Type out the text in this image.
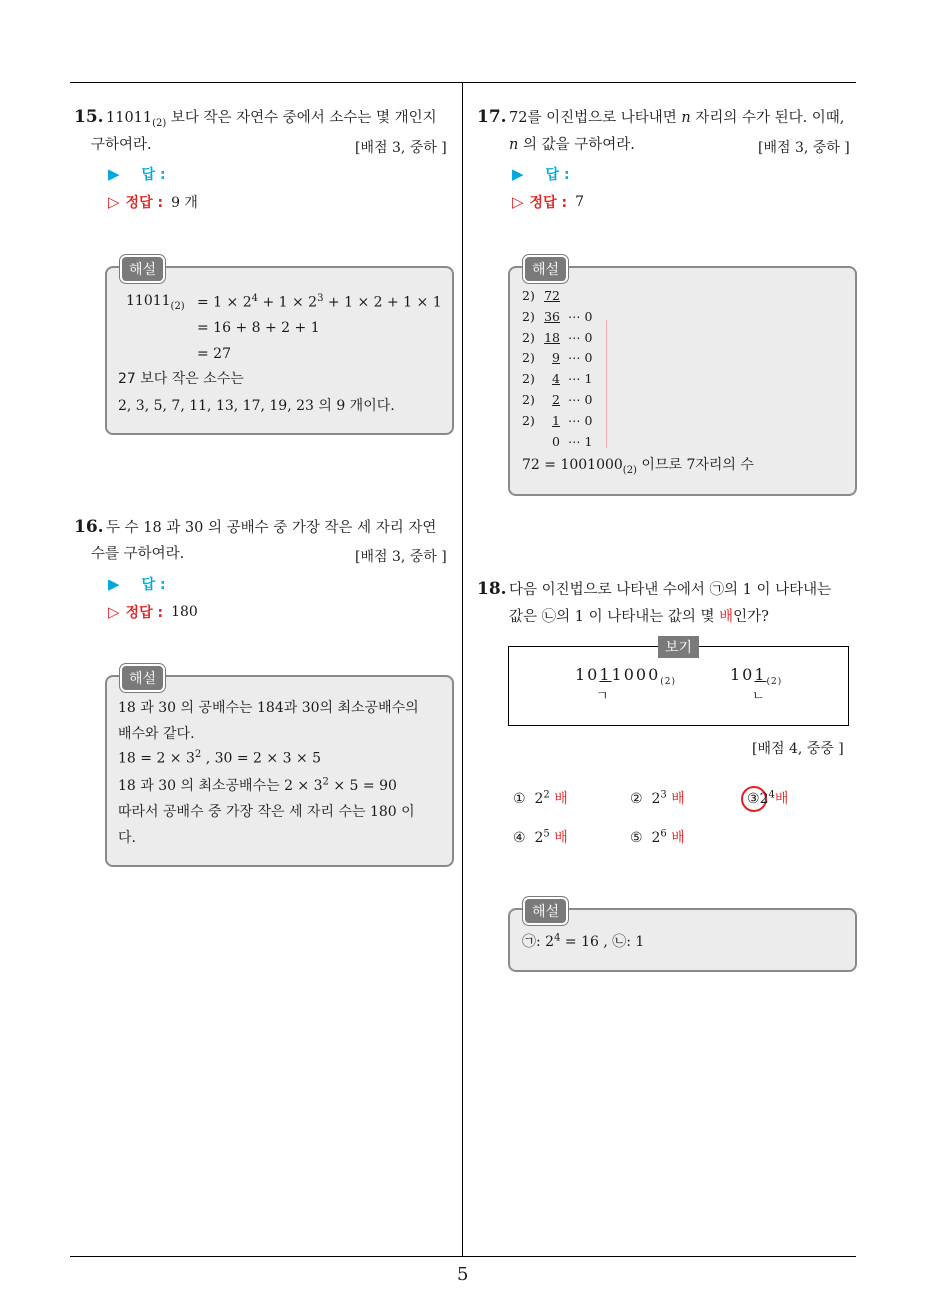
15. $11011_{(2)}$ 보다 작은 자연수 중에서 소수는 몇 개인지
구하여라.	[배점 3, 중하 ]
▶ 답 :
▷ 정답 : 9 개
해설
$11011_{(2)} = 1 \times 2^4 + 1 \times 2^3 + 1 \times 2 + 1 \times 1$
= 16 + 8 + 2 + 1
= 27
27 보다 작은 소수는
2, 3, 5, 7, 11, 13, 17, 19, 23 의 9 개이다.
16. 두 수 18 과 30 의 공배수 중 가장 작은 세 자리 자연
수를 구하여라.	[배점 3, 중하 ]
▶ 답 :
▷ 정답 : 180
해설
18 과 30 의 공배수는 184과 30의 최소공배수의
배수와 같다.
$18 = 2 \times 3^2$ , 30 = 2 × 3 × 5
18 과 30 의 최소공배수는 $2 \times 3^2 \times 5 = 90$
따라서 공배수 중 가장 작은 세 자리 수는 180 이
다.
17. 72를 이진법으로 나타내면 n 자리의 수가 된다. 이때,
n 의 값을 구하여라.	[배점 3, 중하 ]
▶ 답 :
▷ 정답 : 7
해설
2) 72
2) 36 ⋯ 0
2) 18 ⋯ 0
2) 9 ⋯ 0
2) 4 ⋯ 1
2) 2 ⋯ 0
2) 1 ⋯ 0
0 ⋯ 1
$72 = 1001000_{(2)}$ 이므로 7자리의 수
18. 다음 이진법으로 나타낸 수에서 ㉠의 1 이 나타내는
값은 ㉡의 1 이 나타내는 값의 몇 배인가?
보기
$1011000_{(2)}$
ㄱ
$101_{(2)}$
ㄴ
[배점 4, 중중 ]
① $2^2$ 배	② $2^3$ 배	$③2^4$배
④ $2^5$ 배	⑤ $2^6$ 배
해설
㉠: $2^4 = 16$ , ㉡: 1
5
